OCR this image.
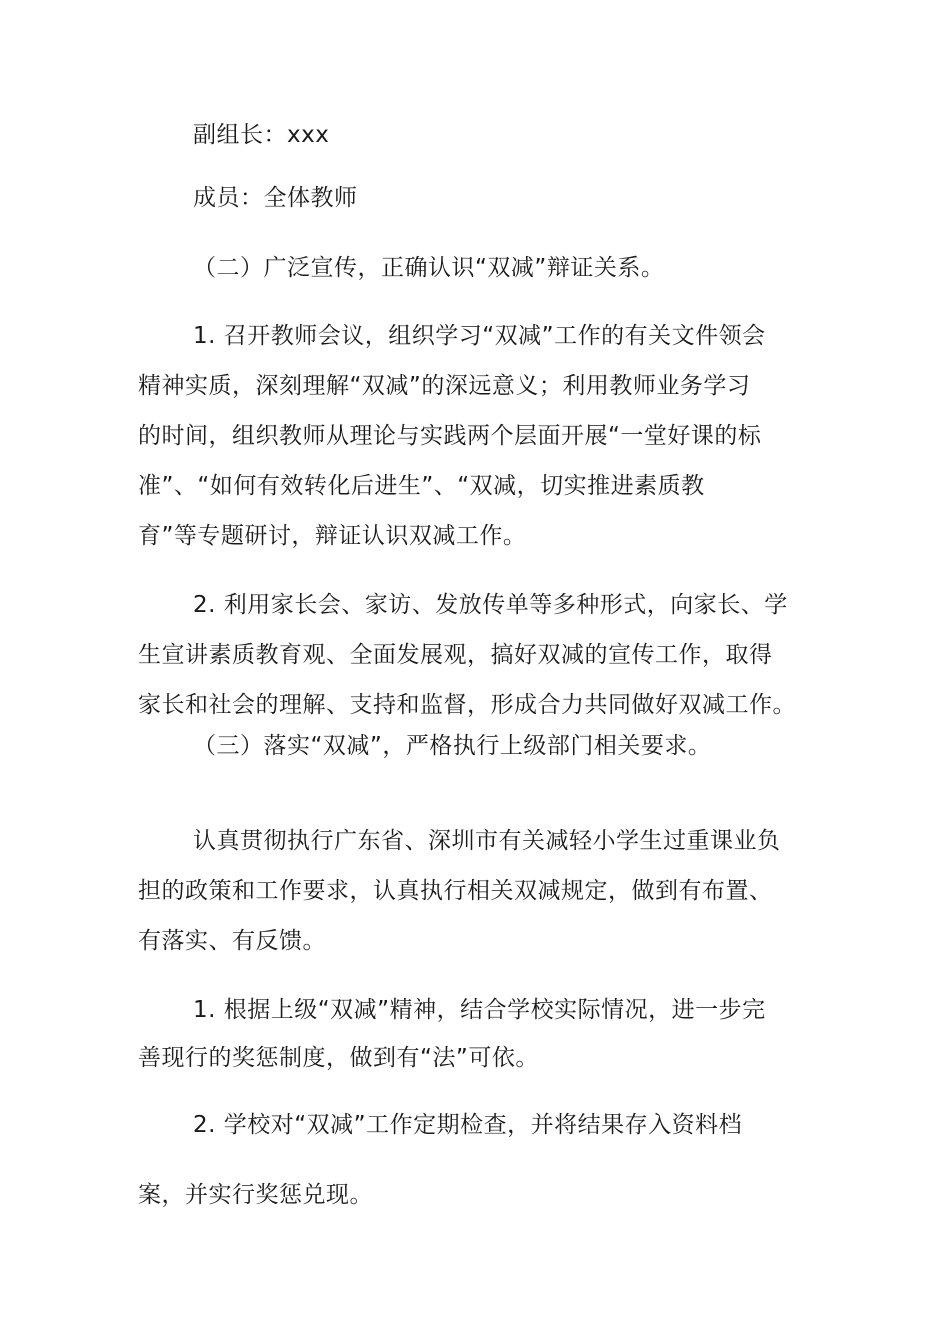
副组长：xxx
成员：全体教师
（二）广泛宣传，正确认识“双减”辩证关系。
1. 召开教师会议，组织学习“双减”工作的有关文件领会
精神实质，深刻理解“双减”的深远意义；利用教师业务学习
的时间，组织教师从理论与实践两个层面开展“一堂好课的标
准”、“如何有效转化后进生”、“双减，切实推进素质教
育”等专题研讨，辩证认识双减工作。
2. 利用家长会、家访、发放传单等多种形式，向家长、学
生宣讲素质教育观、全面发展观，搞好双减的宣传工作，取得
家长和社会的理解、支持和监督，形成合力共同做好双减工作。
（三）落实“双减”，严格执行上级部门相关要求。
认真贯彻执行广东省、深圳市有关减轻小学生过重课业负
担的政策和工作要求，认真执行相关双减规定，做到有布置、
有落实、有反馈。
1. 根据上级“双减”精神，结合学校实际情况，进一步完
善现行的奖惩制度，做到有“法”可依。
2. 学校对“双减”工作定期检查，并将结果存入资料档
案，并实行奖惩兑现。
